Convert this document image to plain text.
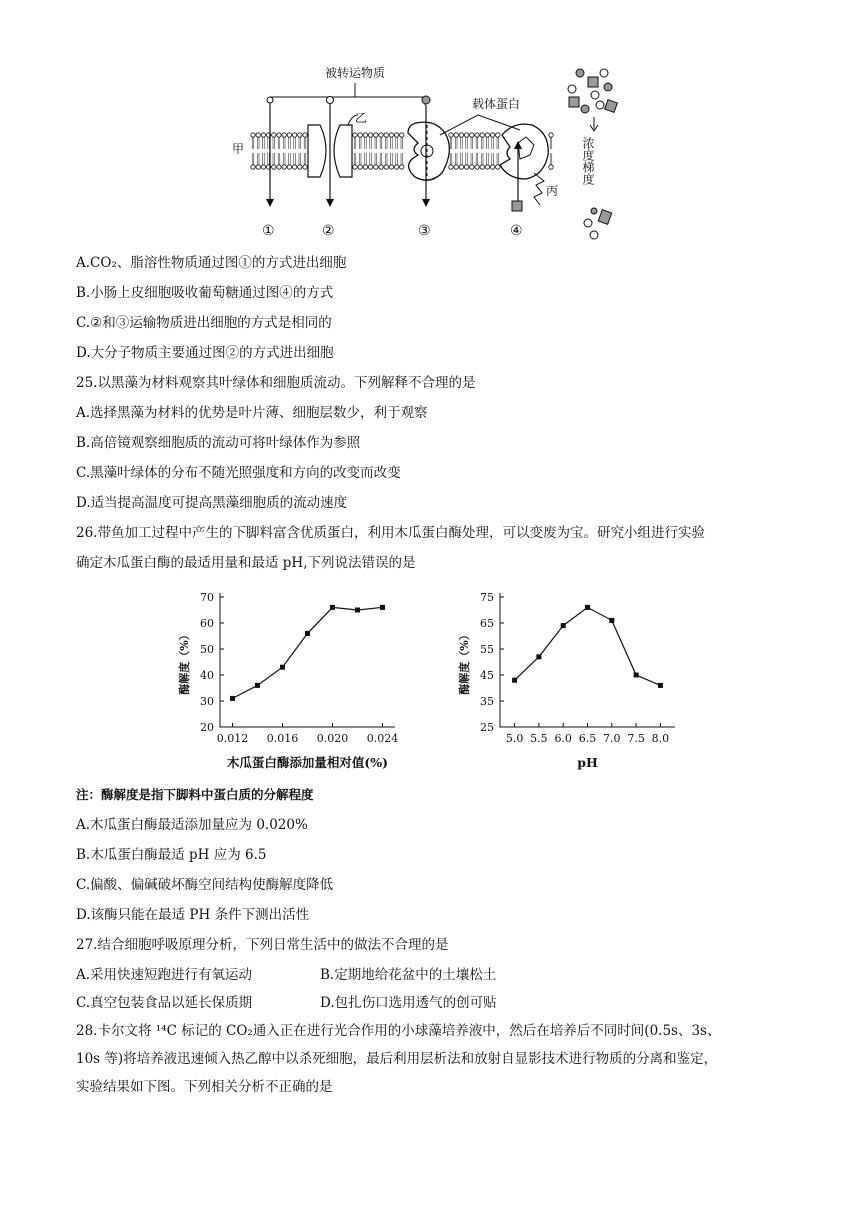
被转运物质
乙
载体蛋白
甲
丙
①	②	③	④
浓度梯度
A.CO₂、脂溶性物质通过图①的方式进出细胞
B.小肠上皮细胞吸收葡萄糖通过图④的方式
C.②和③运输物质进出细胞的方式是相同的
D.大分子物质主要通过图②的方式进出细胞
25.以黑藻为材料观察其叶绿体和细胞质流动。下列解释不合理的是
A.选择黑藻为材料的优势是叶片薄、细胞层数少，利于观察
B.高倍镜观察细胞质的流动可将叶绿体作为参照
C.黑藻叶绿体的分布不随光照强度和方向的改变而改变
D.适当提高温度可提高黑藻细胞质的流动速度
26.带鱼加工过程中产生的下脚料富含优质蛋白，利用木瓜蛋白酶处理，可以变废为宝。研究小组进行实验
确定木瓜蛋白酶的最适用量和最适 pH,下列说法错误的是
20
30
40
50
60
70
0.012 0.016 0.020 0.024
酶解度（%）
木瓜蛋白酶添加量相对值(%)
25
35
45
55
65
75
5.0 5.5 6.0 6.5 7.0 7.5 8.0
酶解度（%）
pH
注：酶解度是指下脚料中蛋白质的分解程度
A.木瓜蛋白酶最适添加量应为 0.020%
B.木瓜蛋白酶最适 pH 应为 6.5
C.偏酸、偏碱破坏酶空间结构使酶解度降低
D.该酶只能在最适 PH 条件下测出活性
27.结合细胞呼吸原理分析，下列日常生活中的做法不合理的是
A.采用快速短跑进行有氧运动	B.定期地给花盆中的土壤松土
C.真空包装食品以延长保质期	D.包扎伤口选用透气的创可贴
28.卡尔文将 ¹⁴C 标记的 CO₂通入正在进行光合作用的小球藻培养液中，然后在培养后不同时间(0.5s、3s、
10s 等)将培养液迅速倾入热乙醇中以杀死细胞，最后利用层析法和放射自显影技术进行物质的分离和鉴定，
实验结果如下图。下列相关分析不正确的是
